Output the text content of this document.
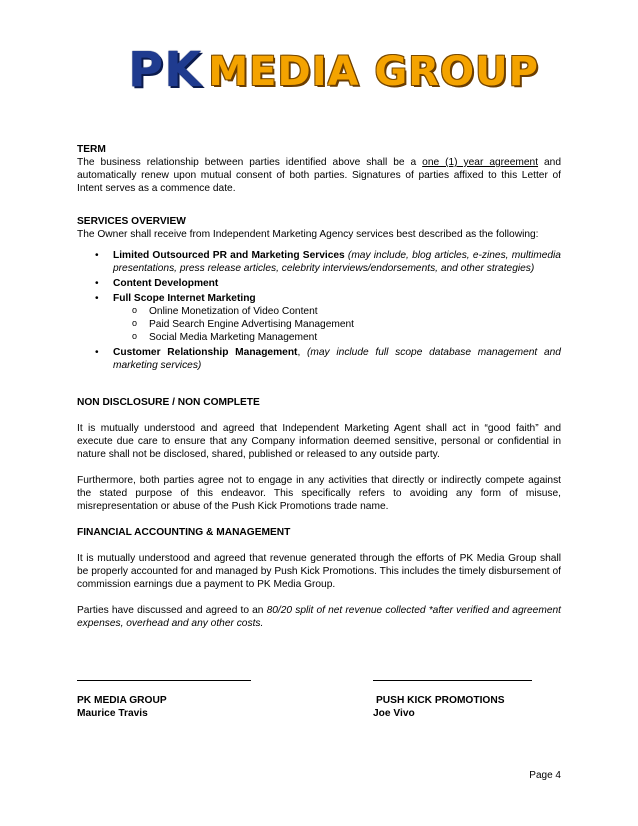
PK MEDIA GROUP
TERM

The business relationship between parties identified above shall be a one (1) year agreement and automatically renew upon mutual consent of both parties. Signatures of parties affixed to this Letter of Intent serves as a commence date.

SERVICES OVERVIEW

The Owner shall receive from Independent Marketing Agency services best described as the following:

• Limited Outsourced PR and Marketing Services (may include, blog articles, e-zines, multimedia presentations, press release articles, celebrity interviews/endorsements, and other strategies)
• Content Development
• Full Scope Internet Marketing
o Online Monetization of Video Content
o Paid Search Engine Advertising Management
o Social Media Marketing Management
• Customer Relationship Management, (may include full scope database management and marketing services)
NON DISCLOSURE / NON COMPLETE

It is mutually understood and agreed that Independent Marketing Agent shall act in “good faith” and execute due care to ensure that any Company information deemed sensitive, personal or confidential in nature shall not be disclosed, shared, published or released to any outside party.

Furthermore, both parties agree not to engage in any activities that directly or indirectly compete against the stated purpose of this endeavor. This specifically refers to avoiding any form of misuse, misrepresentation or abuse of the Push Kick Promotions trade name.

FINANCIAL ACCOUNTING & MANAGEMENT

It is mutually understood and agreed that revenue generated through the efforts of PK Media Group shall be properly accounted for and managed by Push Kick Promotions. This includes the timely disbursement of commission earnings due a payment to PK Media Group.

Parties have discussed and agreed to an 80/20 split of net revenue collected *after verified and agreement expenses, overhead and any other costs.

PK MEDIA GROUP
Maurice Travis
PUSH KICK PROMOTIONS
Joe Vivo
Page 4
